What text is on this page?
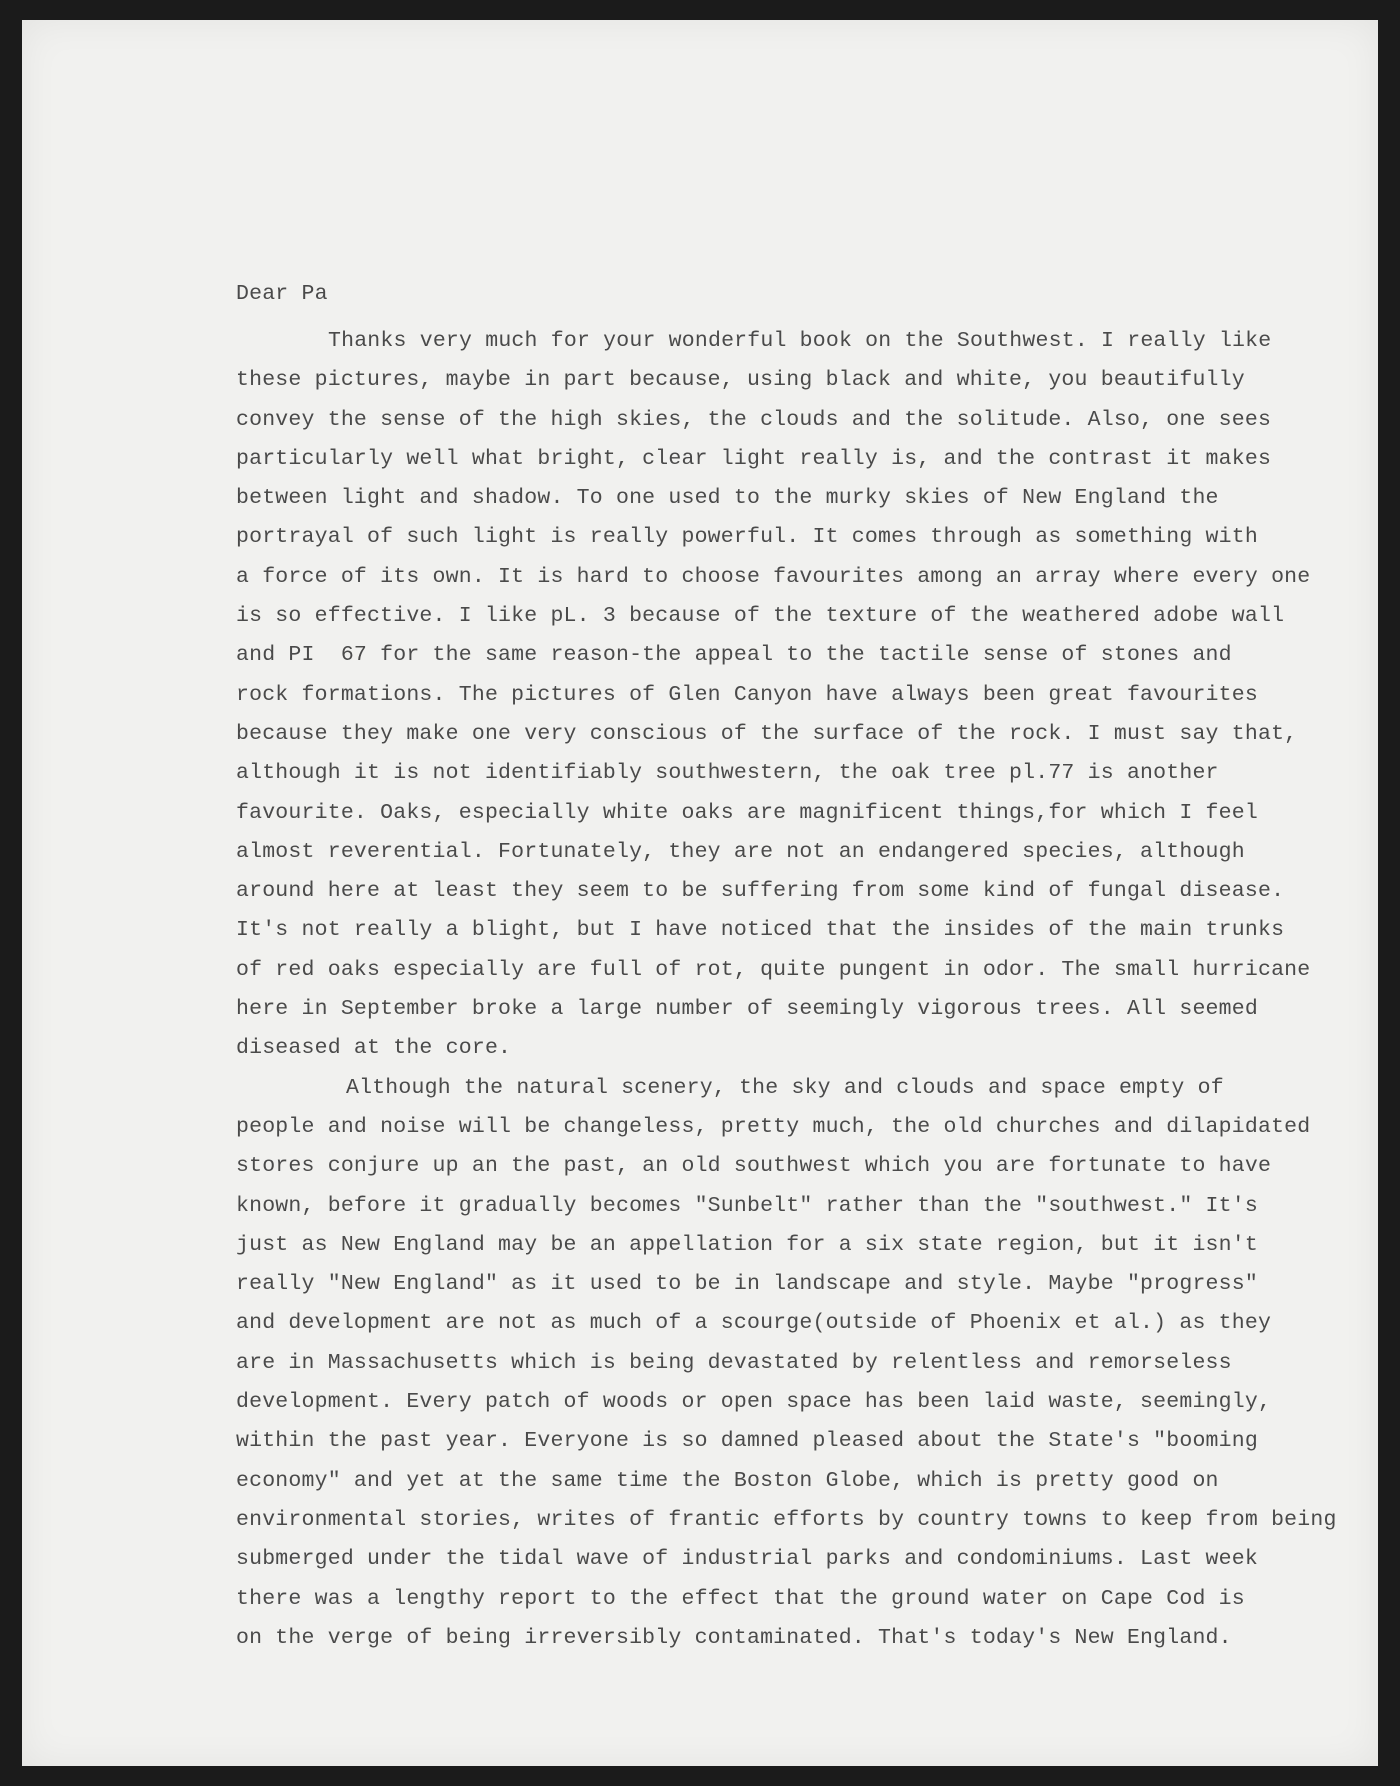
Dear Pa

Thanks very much for your wonderful book on the Southwest. I really like

these pictures, maybe in part because, using black and white, you beautifully

convey the sense of the high skies, the clouds and the solitude. Also, one sees

particularly well what bright, clear light really is, and the contrast it makes

between light and shadow. To one used to the murky skies of New England the

portrayal of such light is really powerful. It comes through as something with

a force of its own. It is hard to choose favourites among an array where every one

is so effective. I like pL. 3 because of the texture of the weathered adobe wall

and PI  67 for the same reason-the appeal to the tactile sense of stones and

rock formations. The pictures of Glen Canyon have always been great favourites

because they make one very conscious of the surface of the rock. I must say that,

although it is not identifiably southwestern, the oak tree pl.77 is another

favourite. Oaks, especially white oaks are magnificent things,for which I feel

almost reverential. Fortunately, they are not an endangered species, although

around here at least they seem to be suffering from some kind of fungal disease.

It's not really a blight, but I have noticed that the insides of the main trunks

of red oaks especially are full of rot, quite pungent in odor. The small hurricane

here in September broke a large number of seemingly vigorous trees. All seemed

diseased at the core.

Although the natural scenery, the sky and clouds and space empty of

people and noise will be changeless, pretty much, the old churches and dilapidated

stores conjure up an the past, an old southwest which you are fortunate to have

known, before it gradually becomes "Sunbelt" rather than the "southwest." It's

just as New England may be an appellation for a six state region, but it isn't

really "New England" as it used to be in landscape and style. Maybe "progress"

and development are not as much of a scourge(outside of Phoenix et al.) as they

are in Massachusetts which is being devastated by relentless and remorseless

development. Every patch of woods or open space has been laid waste, seemingly,

within the past year. Everyone is so damned pleased about the State's "booming

economy" and yet at the same time the Boston Globe, which is pretty good on

environmental stories, writes of frantic efforts by country towns to keep from being

submerged under the tidal wave of industrial parks and condominiums. Last week

there was a lengthy report to the effect that the ground water on Cape Cod is

on the verge of being irreversibly contaminated. That's today's New England.
